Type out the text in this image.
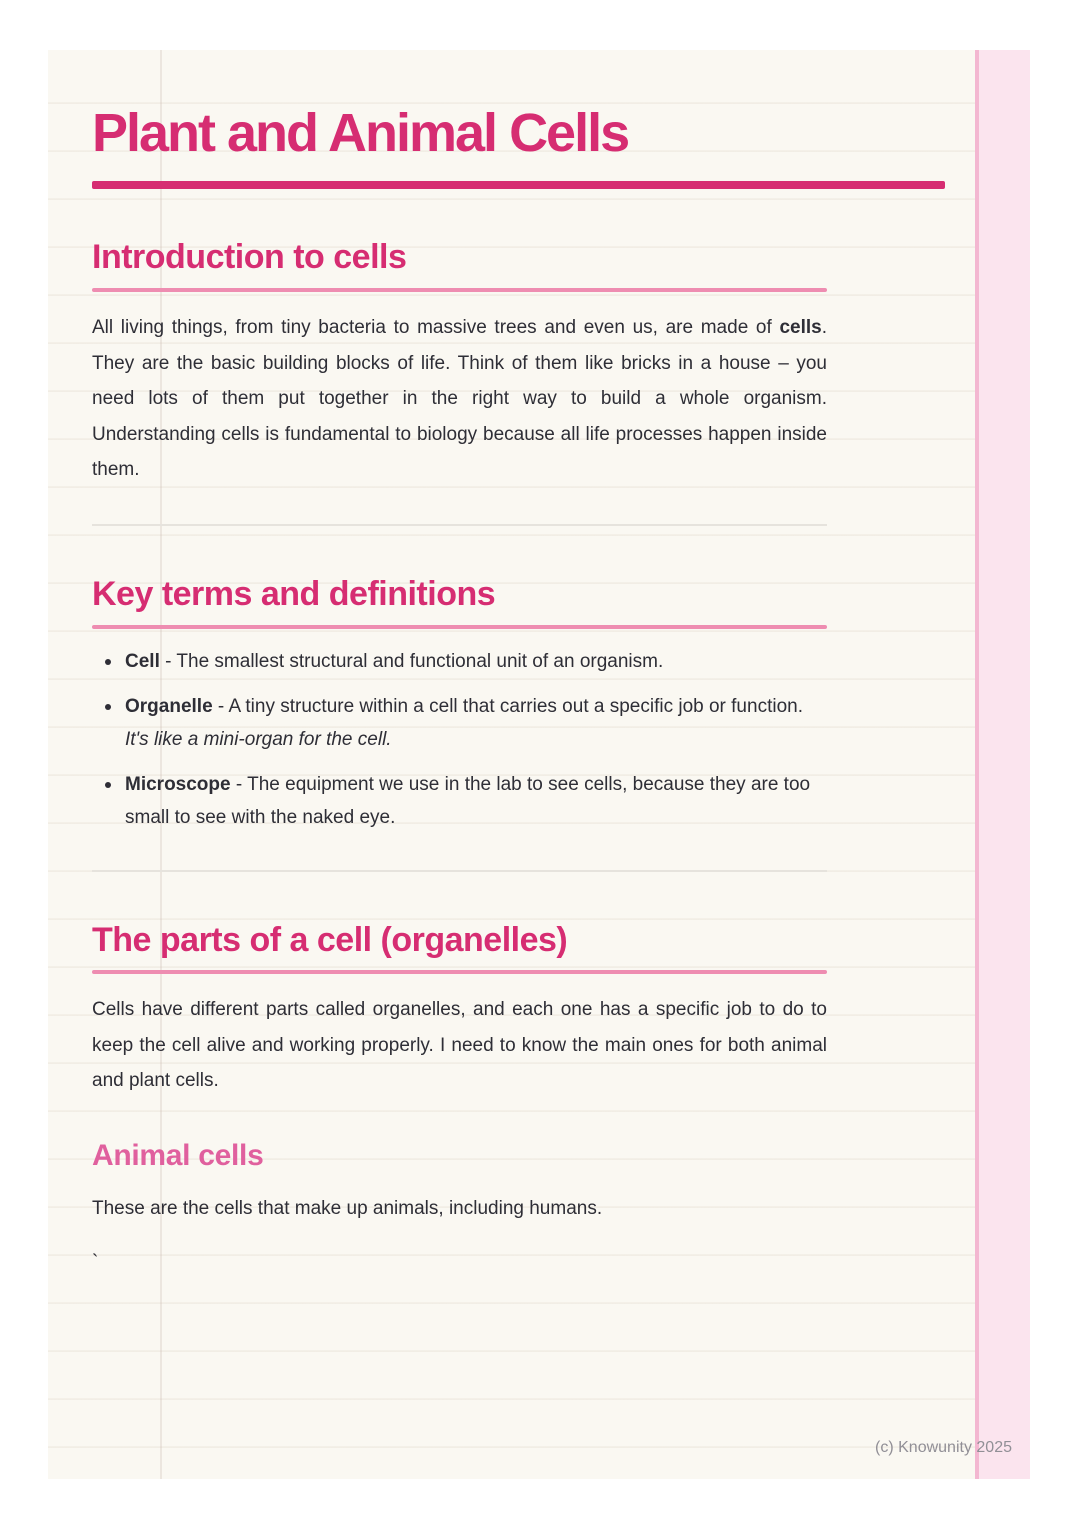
Plant and Animal Cells
Introduction to cells

All living things, from tiny bacteria to massive trees and even us, are made of cells. They are the basic building blocks of life. Think of them like bricks in a house – you need lots of them put together in the right way to build a whole organism. Understanding cells is fundamental to biology because all life processes happen inside them.

Key terms and definitions
Cell - The smallest structural and functional unit of an organism.
Organelle - A tiny structure within a cell that carries out a specific job or function. It's like a mini-organ for the cell.
Microscope - The equipment we use in the lab to see cells, because they are too small to see with the naked eye.
The parts of a cell (organelles)

Cells have different parts called organelles, and each one has a specific job to do to keep the cell alive and working properly. I need to know the main ones for both animal and plant cells.

Animal cells

These are the cells that make up animals, including humans.

`
(c) Knowunity 2025
